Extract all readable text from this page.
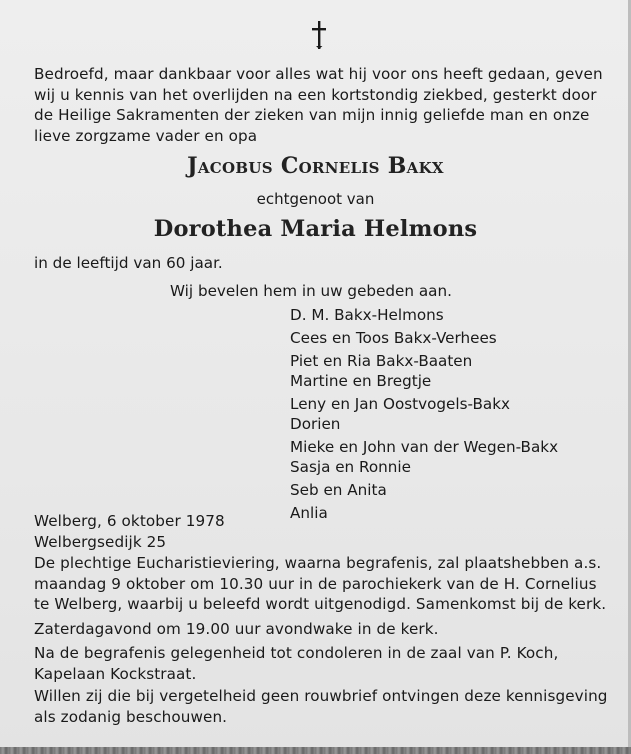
Bedroefd, maar dankbaar voor alles wat hij voor ons heeft gedaan, geven
wij u kennis van het overlijden na een kortstondig ziekbed, gesterkt door
de Heilige Sakramenten der zieken van mijn innig geliefde man en onze
lieve zorgzame vader en opa
Jacobus Cornelis Bakx
echtgenoot van
Dorothea Maria Helmons
in de leeftijd van 60 jaar.
Wij bevelen hem in uw gebeden aan.
D. M. Bakx-Helmons
Cees en Toos Bakx-Verhees
Piet en Ria Bakx-Baaten
Martine en Bregtje
Leny en Jan Oostvogels-Bakx
Dorien
Mieke en John van der Wegen-Bakx
Sasja en Ronnie
Seb en Anita
Anlia
Welberg, 6 oktober 1978
Welbergsedijk 25
De plechtige Eucharistieviering, waarna begrafenis, zal plaatshebben a.s.
maandag 9 oktober om 10.30 uur in de parochiekerk van de H. Cornelius
te Welberg, waarbij u beleefd wordt uitgenodigd. Samenkomst bij de kerk.
Zaterdagavond om 19.00 uur avondwake in de kerk.
Na de begrafenis gelegenheid tot condoleren in de zaal van P. Koch,
Kapelaan Kockstraat.
Willen zij die bij vergetelheid geen rouwbrief ontvingen deze kennisgeving
als zodanig beschouwen.
